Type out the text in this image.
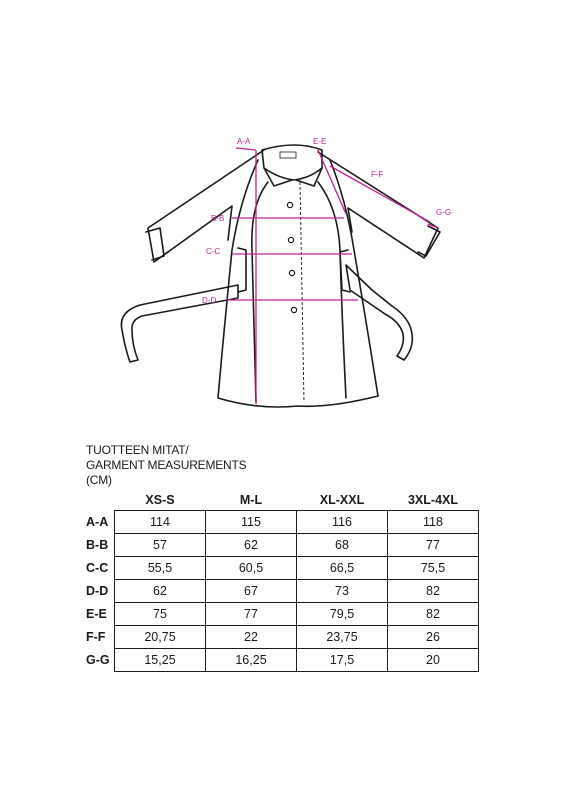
A-A	E-E
F-F
G-G
B-B
C-C
D-D
TUOTTEEN MITAT/
GARMENT MEASUREMENTS
(CM)
	XS-S	M-L	XL-XXL	3XL-4XL
A-A	114	115	116	118
B-B	57	62	68	77
C-C	55,5	60,5	66,5	75,5
D-D	62	67	73	82
E-E	75	77	79,5	82
F-F	20,75	22	23,75	26
G-G	15,25	16,25	17,5	20
